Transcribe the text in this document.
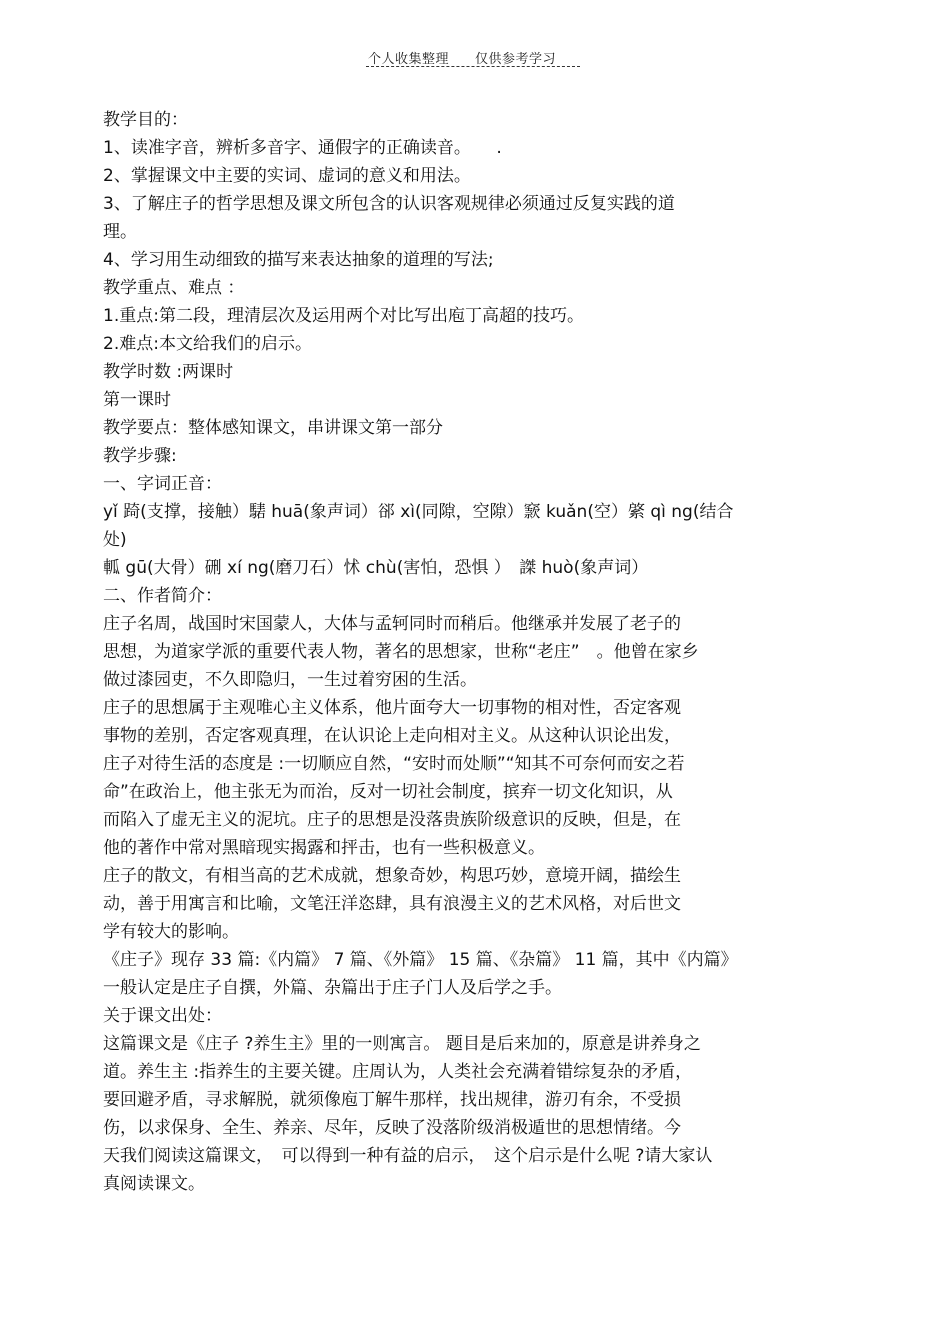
个人收集整理 仅供参考学习
教学目的：
1、读准字音，辨析多音字、通假字的正确读音。　　.
2、掌握课文中主要的实词、虚词的意义和用法。
3、了解庄子的哲学思想及课文所包含的认识客观规律必须通过反复实践的道
理。
4、学习用生动细致的描写来表达抽象的道理的写法;
教学重点、难点 ：
1.重点:第二段，理清层次及运用两个对比写出庖丁高超的技巧。
2.难点:本文给我们的启示。
教学时数 :两课时
第一课时
教学要点：整体感知课文，串讲课文第一部分
教学步骤:
一、字词正音：
yǐ 踦(支撑，接触）騞 huā(象声词）郤 xì(同隙，空隙）窾 kuǎn(空）綮 qì ng(结合
处)
軱 gū(大骨）硎 xí ng(磨刀石）怵 chù(害怕，恐惧 ）　謋 huò(象声词）
二、作者简介：
庄子名周，战国时宋国蒙人，大体与孟轲同时而稍后。他继承并发展了老子的
思想，为道家学派的重要代表人物，著名的思想家，世称“老庄”　。他曾在家乡
做过漆园吏，不久即隐归，一生过着穷困的生活。
庄子的思想属于主观唯心主义体系，他片面夸大一切事物的相对性，否定客观
事物的差别，否定客观真理，在认识论上走向相对主义。从这种认识论出发，
庄子对待生活的态度是 :一切顺应自然，“安时而处顺”“知其不可奈何而安之若
命”在政治上，他主张无为而治，反对一切社会制度，摈弃一切文化知识，从
而陷入了虚无主义的泥坑。庄子的思想是没落贵族阶级意识的反映，但是，在
他的著作中常对黑暗现实揭露和抨击，也有一些积极意义。
庄子的散文，有相当高的艺术成就，想象奇妙，构思巧妙，意境开阔，描绘生
动，善于用寓言和比喻，文笔汪洋恣肆，具有浪漫主义的艺术风格，对后世文
学有较大的影响。
《庄子》现存 33 篇:《内篇》 7 篇、《外篇》 15 篇、《杂篇》 11 篇，其中《内篇》
一般认定是庄子自撰，外篇、杂篇出于庄子门人及后学之手。
关于课文出处：
这篇课文是《庄子 ?养生主》里的一则寓言。 题目是后来加的，原意是讲养身之
道。养生主 :指养生的主要关键。庄周认为，人类社会充满着错综复杂的矛盾，
要回避矛盾，寻求解脱，就须像庖丁解牛那样，找出规律，游刃有余，不受损
伤，以求保身、全生、养亲、尽年，反映了没落阶级消极遁世的思想情绪。今
天我们阅读这篇课文，　可以得到一种有益的启示，　这个启示是什么呢 ?请大家认
真阅读课文。
